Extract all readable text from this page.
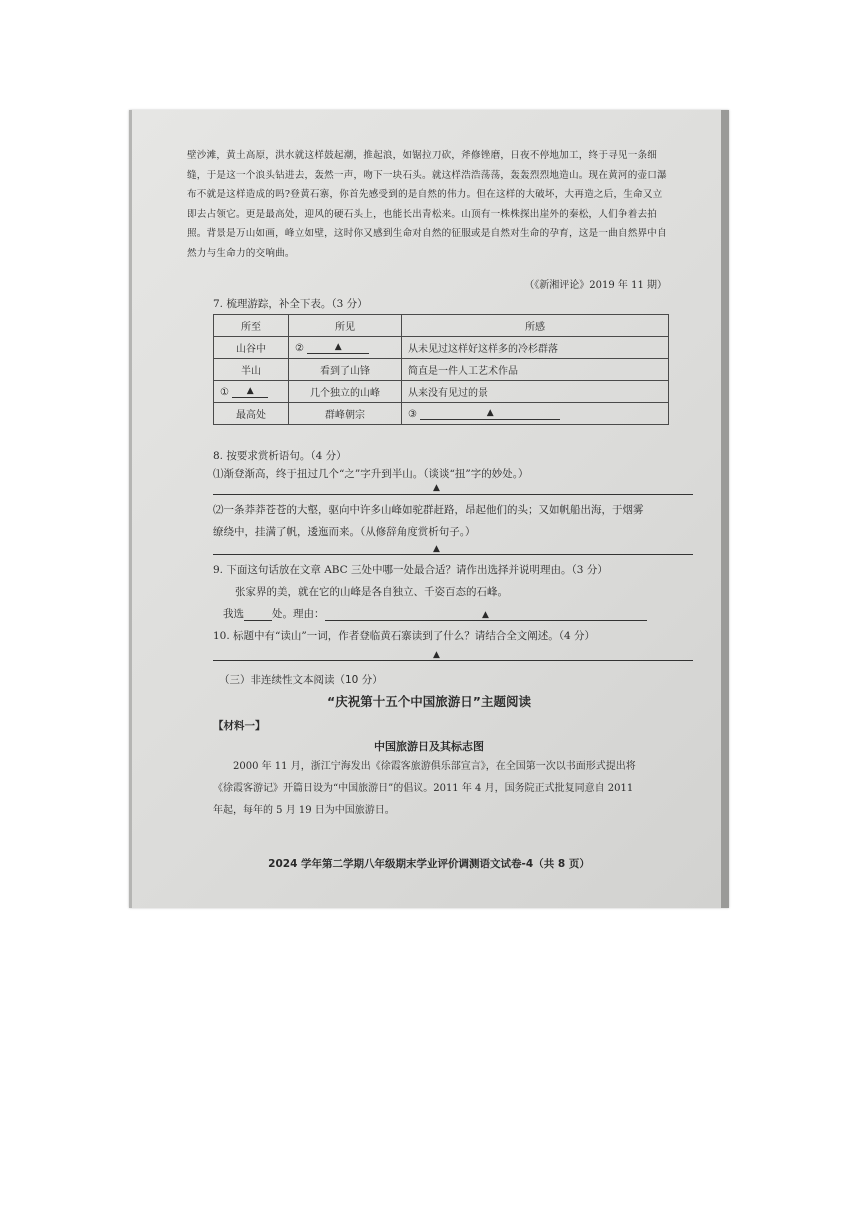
壁沙滩，黄土高原，洪水就这样鼓起潮，推起浪，如锯拉刀砍，斧修锉磨，日夜不停地加工，终于寻见一条细缝，于是这一个浪头钻进去，轰然一声，吻下一块石头。就这样浩浩荡荡，轰轰烈烈地造山。现在黄河的壶口瀑布不就是这样造成的吗?登黄石寨，你首先感受到的是自然的伟力。但在这样的大破坏，大再造之后，生命又立即去占领它。更是最高处，迎风的硬石头上，也能长出青松来。山顶有一株株探出崖外的秦松，人们争着去拍照。背景是万山如画，峰立如壁，这时你又感到生命对自然的征服或是自然对生命的孕育，这是一曲自然界中自然力与生命力的交响曲。
（《新湘评论》2019 年 11 期）
7. 梳理游踪，补全下表。（3 分）
所至	所见	所感
山谷中	② ▲	从未见过这样好这样多的冷杉群落
半山	看到了山锋	简直是一件人工艺术作品
① ▲	几个独立的山峰	从来没有见过的景
最高处	群峰朝宗	③ ▲
8. 按要求赏析语句。（4 分）
⑴渐登渐高，终于扭过几个“之”字升到半山。（谈谈“扭”字的妙处。）
▲
⑵一条莽莽苍苍的大壑，驱向中许多山峰如驼群赶路，昂起他们的头；又如帆船出海，于烟雾
缭绕中，挂满了帆，逶迤而来。（从修辞角度赏析句子。）
▲
9. 下面这句话放在文章 ABC 三处中哪一处最合适？请作出选择并说明理由。（3 分）
张家界的美，就在它的山峰是各自独立、千姿百态的石峰。
我选	处。理由：	▲
10. 标题中有“读山”一词，作者登临黄石寨读到了什么？请结合全文阐述。（4 分）
▲
（三）非连续性文本阅读（10 分）
“庆祝第十五个中国旅游日”主题阅读
【材料一】
中国旅游日及其标志图
2000 年 11 月，浙江宁海发出《徐霞客旅游俱乐部宣言》，在全国第一次以书面形式提出将
《徐霞客游记》开篇日设为“中国旅游日”的倡议。2011 年 4 月，国务院正式批复同意自 2011
年起，每年的 5 月 19 日为中国旅游日。
2024 学年第二学期八年级期末学业评价调测语文试卷-4（共 8 页）
